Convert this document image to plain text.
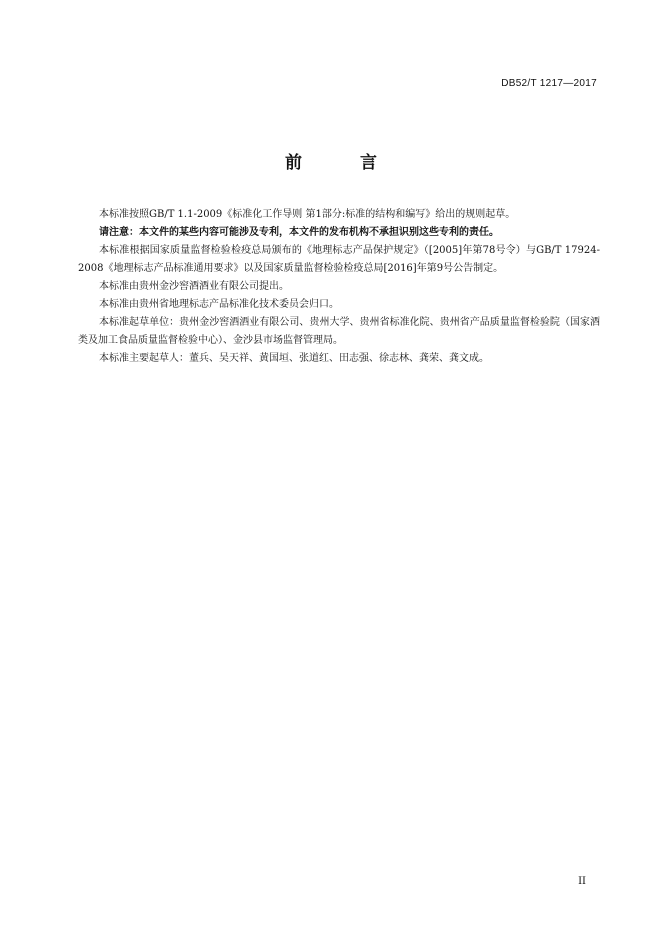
DB52/T 1217—2017
前 言

本标准按照GB/T 1.1-2009《标准化工作导则 第1部分:标准的结构和编写》给出的规则起草。

请注意：本文件的某些内容可能涉及专利，本文件的发布机构不承担识别这些专利的责任。

本标准根据国家质量监督检验检疫总局颁布的《地理标志产品保护规定》（[2005]年第78号令）与GB/T 17924-2008《地理标志产品标准通用要求》以及国家质量监督检验检疫总局[2016]年第9号公告制定。

本标准由贵州金沙窖酒酒业有限公司提出。

本标准由贵州省地理标志产品标准化技术委员会归口。

本标准起草单位：贵州金沙窖酒酒业有限公司、贵州大学、贵州省标准化院、贵州省产品质量监督检验院（国家酒类及加工食品质量监督检验中心）、金沙县市场监督管理局。

本标准主要起草人：董兵、吴天祥、黄国垣、张道红、田志强、徐志林、龚荣、龚文成。

II
